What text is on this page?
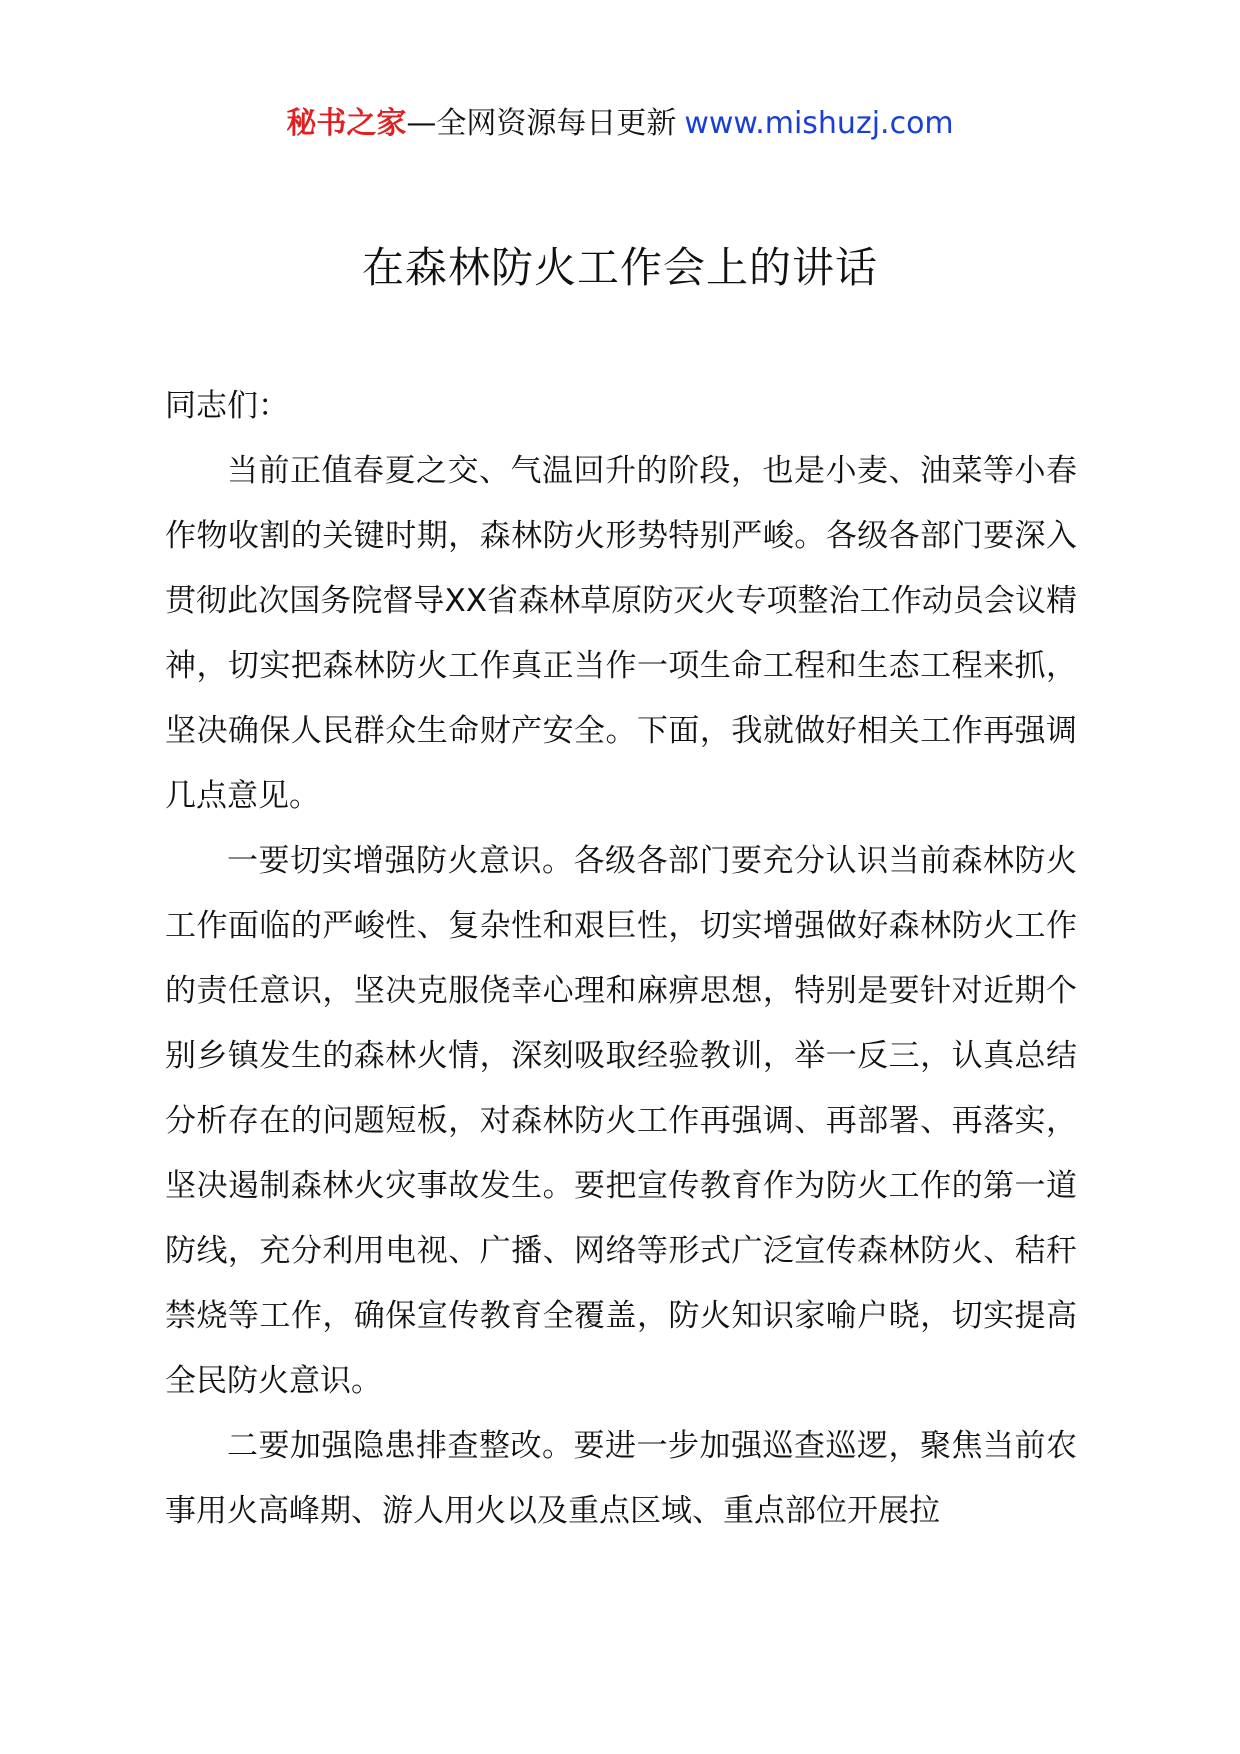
秘书之家—全网资源每日更新 www.mishuzj.com
在森林防火工作会上的讲话

同志们：

当前正值春夏之交、气温回升的阶段，也是小麦、油菜等小春作物收割的关键时期，森林防火形势特别严峻。各级各部门要深入贯彻此次国务院督导XX省森林草原防灭火专项整治工作动员会议精神，切实把森林防火工作真正当作一项生命工程和生态工程来抓，坚决确保人民群众生命财产安全。下面，我就做好相关工作再强调几点意见。

一要切实增强防火意识。各级各部门要充分认识当前森林防火工作面临的严峻性、复杂性和艰巨性，切实增强做好森林防火工作的责任意识，坚决克服侥幸心理和麻痹思想，特别是要针对近期个别乡镇发生的森林火情，深刻吸取经验教训，举一反三，认真总结分析存在的问题短板，对森林防火工作再强调、再部署、再落实，坚决遏制森林火灾事故发生。要把宣传教育作为防火工作的第一道防线，充分利用电视、广播、网络等形式广泛宣传森林防火、秸秆禁烧等工作，确保宣传教育全覆盖，防火知识家喻户晓，切实提高全民防火意识。

二要加强隐患排查整改。要进一步加强巡查巡逻，聚焦当前农事用火高峰期、游人用火以及重点区域、重点部位开展拉
